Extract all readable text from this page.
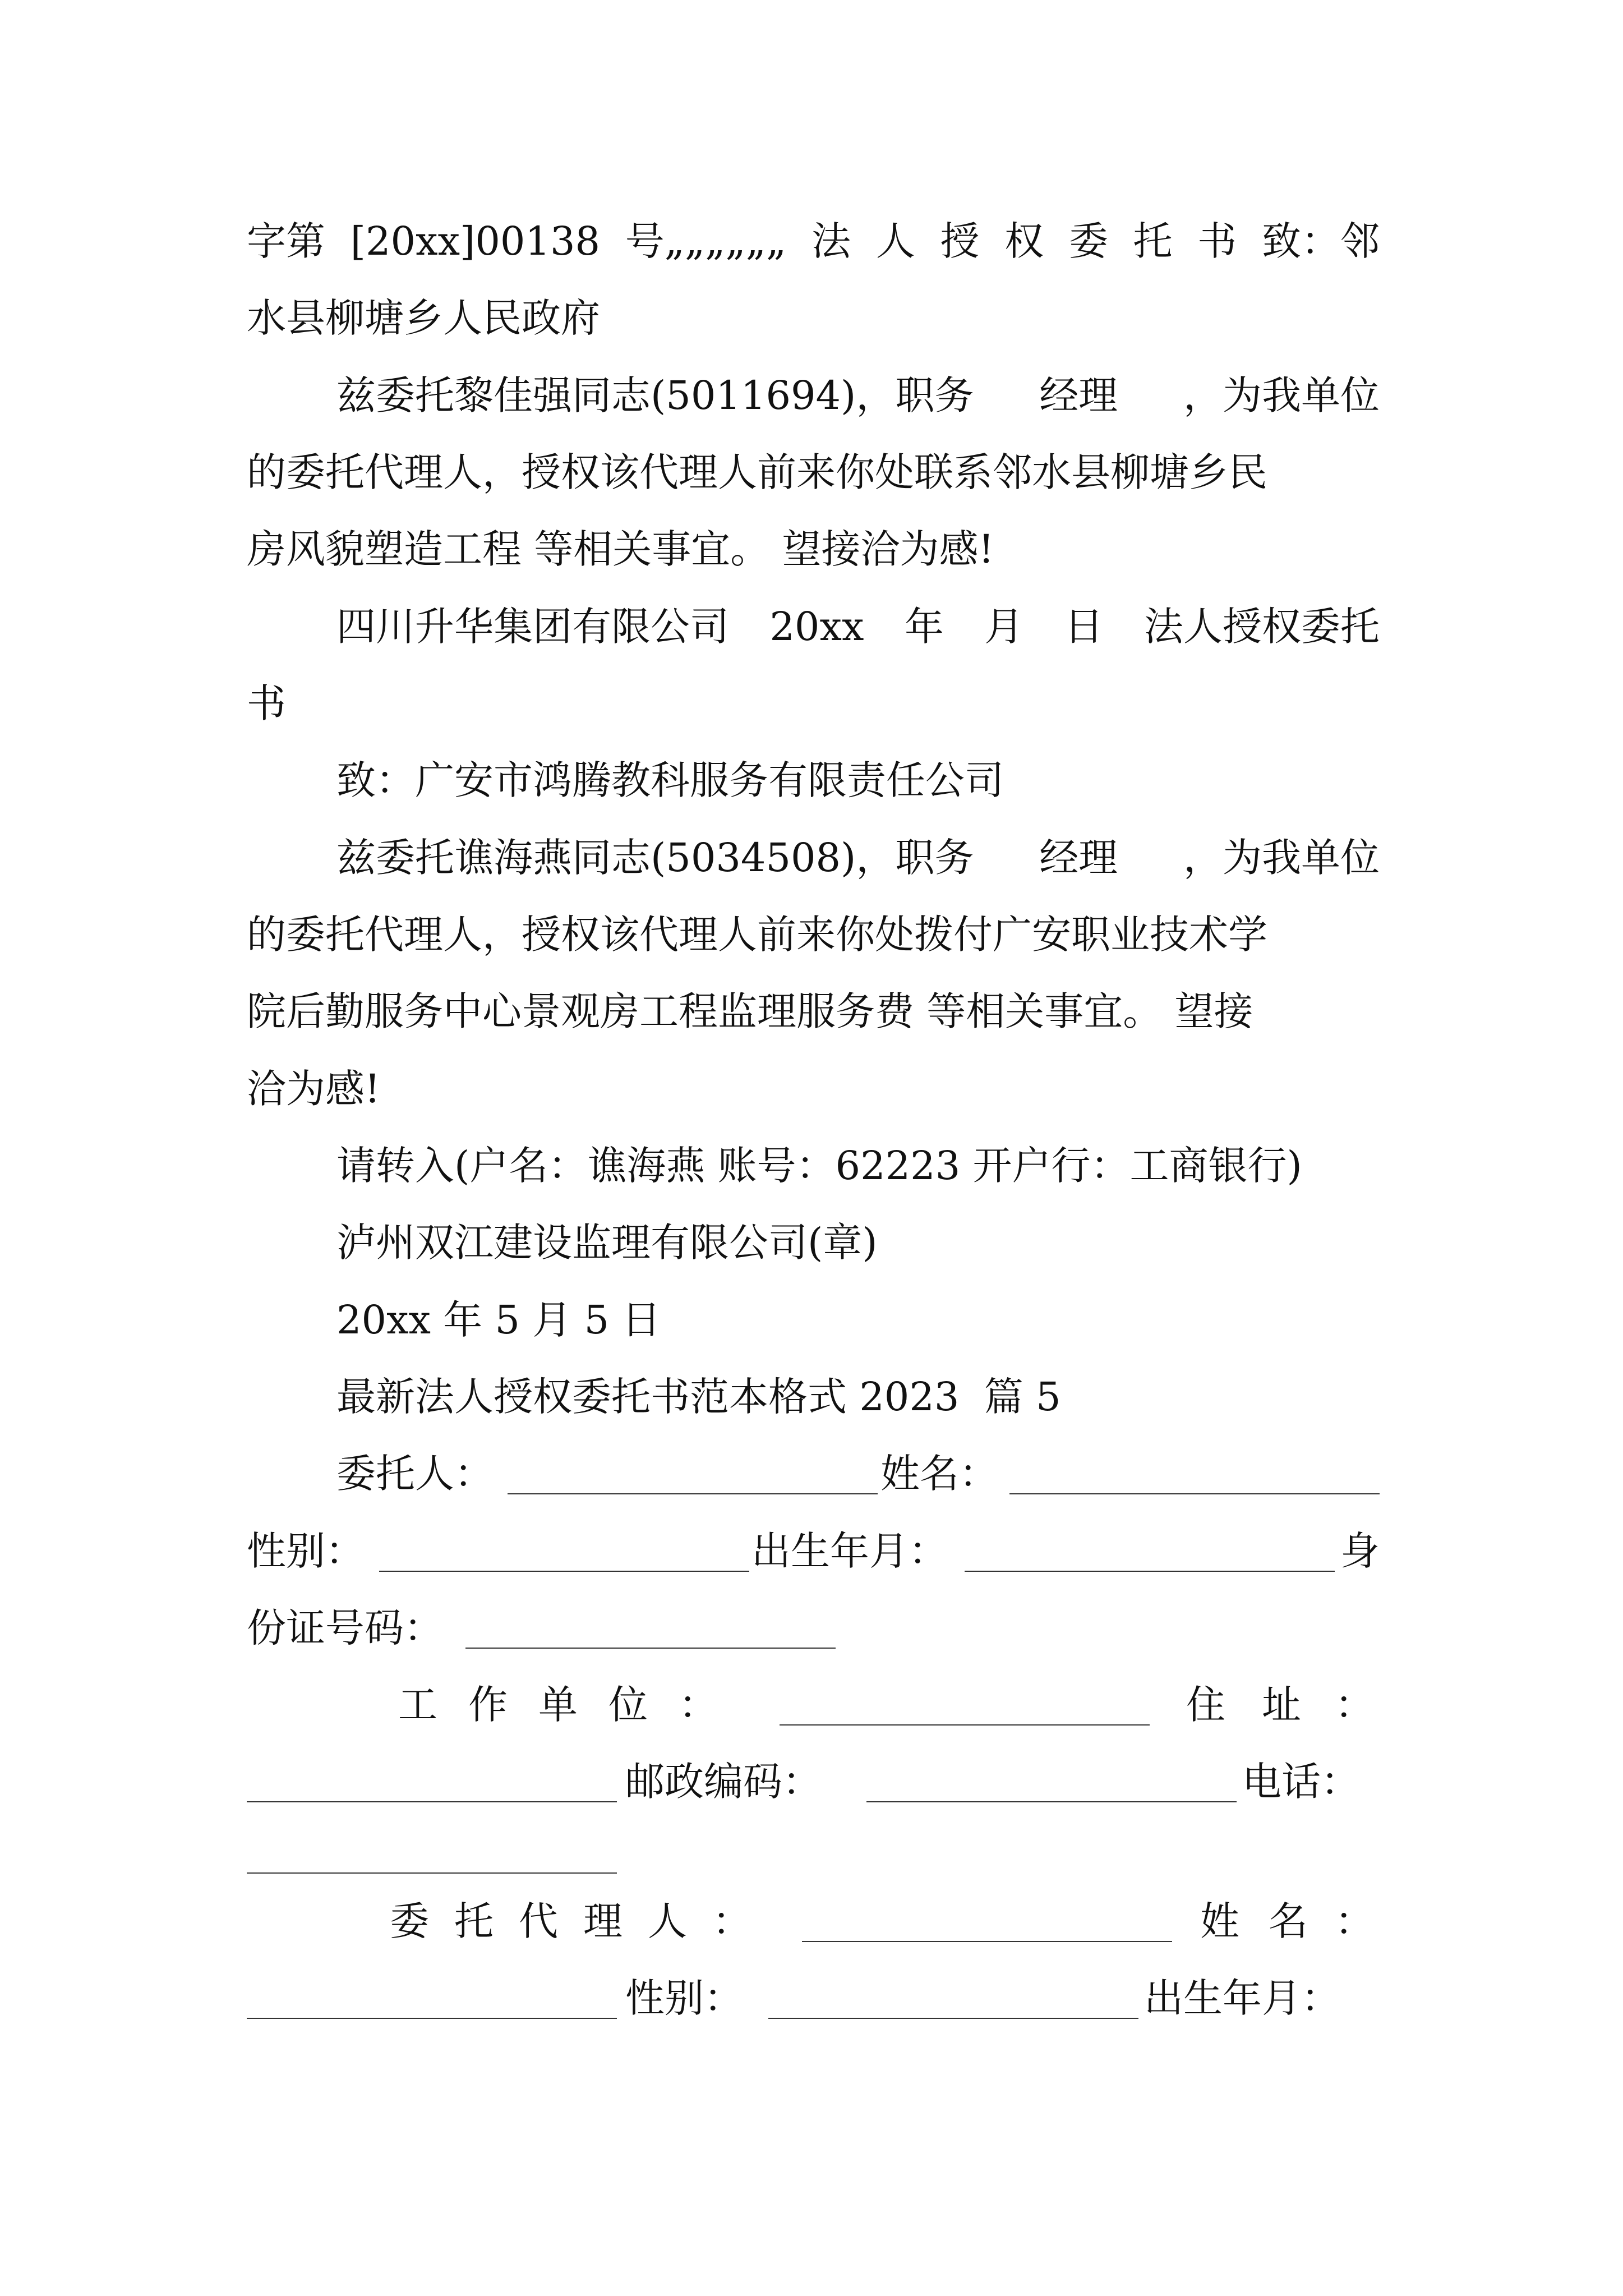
字第 [20xx]00138 号„„„„„„ 法 人 授 权 委 托 书 致：邻
水县柳塘乡人民政府
兹委托黎佳强同志(5011694)，职务 经理 ，为我单位
的委托代理人，授权该代理人前来你处联系邻水县柳塘乡民
房风貌塑造工程 等相关事宜。 望接洽为感!
四川升华集团有限公司 20xx 年 月 日 法人授权委托
书
致：广安市鸿腾教科服务有限责任公司
兹委托谯海燕同志(5034508)，职务 经理 ，为我单位
的委托代理人，授权该代理人前来你处拨付广安职业技术学
院后勤服务中心景观房工程监理服务费 等相关事宜。 望接
洽为感!
请转入(户名：谯海燕 账号：62223 开户行：工商银行)
泸州双江建设监理有限公司(章)
20xx 年 5 月 5 日
最新法人授权委托书范本格式 2023  篇 5
委托人：	姓名：
性别：	出生年月：	身
份证号码：
工 作 单 位 ：	住 址 ：
邮政编码：	电话：
委 托 代 理 人 ：	姓 名 ：
性别：	出生年月：
